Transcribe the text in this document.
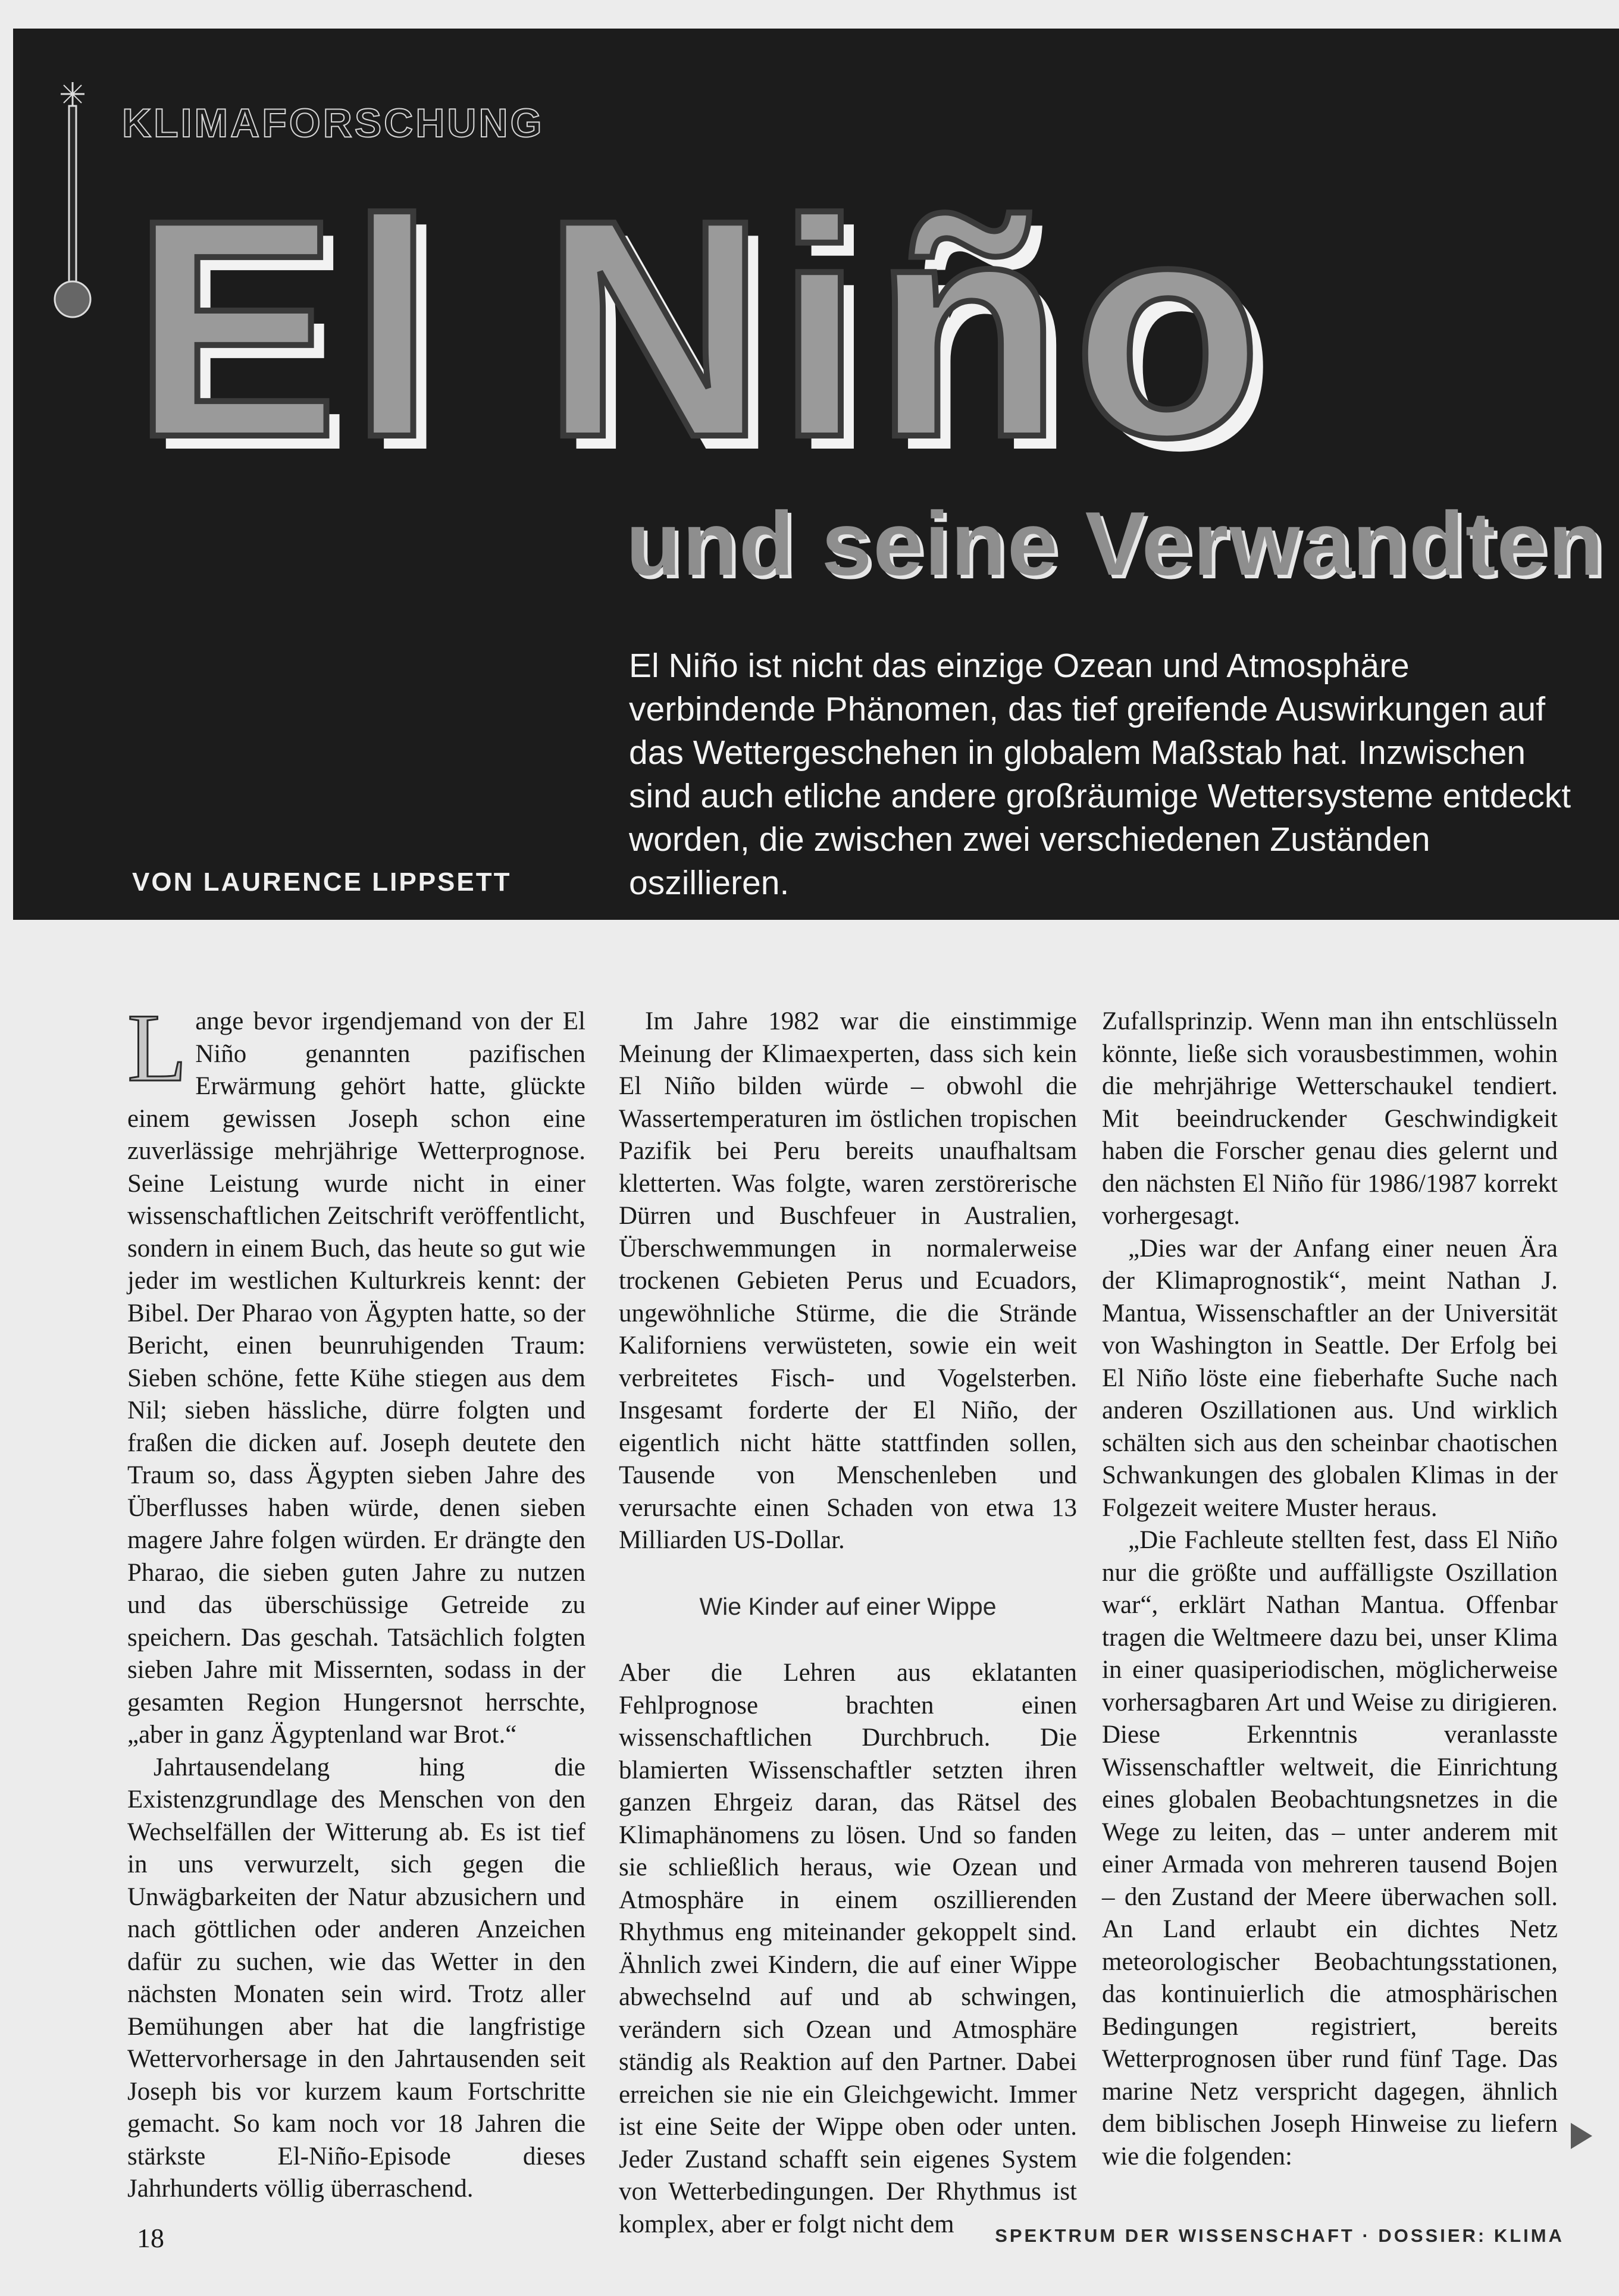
KLIMAFORSCHUNG
El Niño
und seine Verwandten
El Niño ist nicht das einzige Ozean und Atmosphäre verbindende Phänomen, das tief greifende Auswirkungen auf das Wettergeschehen in globalem Maßstab hat. Inzwischen sind auch etliche andere großräumige Wettersysteme entdeckt worden, die zwischen zwei verschiedenen Zuständen oszillieren.
VON LAURENCE LIPPSETT

Lange bevor irgendjemand von der El Niño genannten pazifischen Erwärmung gehört hatte, glückte einem gewissen Joseph schon eine zuverlässige mehrjährige Wetterprognose. Seine Leistung wurde nicht in einer wissenschaftlichen Zeitschrift veröffentlicht, sondern in einem Buch, das heute so gut wie jeder im westlichen Kulturkreis kennt: der Bibel. Der Pharao von Ägypten hatte, so der Bericht, einen beunruhigenden Traum: Sieben schöne, fette Kühe stiegen aus dem Nil; sieben hässliche, dürre folgten und fraßen die dicken auf. Joseph deutete den Traum so, dass Ägypten sieben Jahre des Überflusses haben würde, denen sieben magere Jahre folgen würden. Er drängte den Pharao, die sieben guten Jahre zu nutzen und das überschüssige Getreide zu speichern. Das geschah. Tatsächlich folgten sieben Jahre mit Missernten, sodass in der gesamten Region Hungersnot herrschte, „aber in ganz Ägyptenland war Brot.“

Jahrtausendelang hing die Existenzgrundlage des Menschen von den Wechselfällen der Witterung ab. Es ist tief in uns verwurzelt, sich gegen die Unwägbarkeiten der Natur abzusichern und nach göttlichen oder anderen Anzeichen dafür zu suchen, wie das Wetter in den nächsten Monaten sein wird. Trotz aller Bemühungen aber hat die langfristige Wettervorhersage in den Jahrtausenden seit Joseph bis vor kurzem kaum Fortschritte gemacht. So kam noch vor 18 Jahren die stärkste El-Niño-Episode dieses Jahrhunderts völlig überraschend.

Im Jahre 1982 war die einstimmige Meinung der Klimaexperten, dass sich kein El Niño bilden würde – obwohl die Wassertemperaturen im östlichen tropischen Pazifik bei Peru bereits unaufhaltsam kletterten. Was folgte, waren zerstörerische Dürren und Buschfeuer in Australien, Überschwemmungen in normalerweise trockenen Gebieten Perus und Ecuadors, ungewöhnliche Stürme, die die Strände Kaliforniens verwüsteten, sowie ein weit verbreitetes Fisch- und Vogelsterben. Insgesamt forderte der El Niño, der eigentlich nicht hätte stattfinden sollen, Tausende von Menschenleben und verursachte einen Schaden von etwa 13 Milliarden US-Dollar.

Wie Kinder auf einer Wippe

Aber die Lehren aus eklatanten Fehlprognose brachten einen wissenschaftlichen Durchbruch. Die blamierten Wissenschaftler setzten ihren ganzen Ehrgeiz daran, das Rätsel des Klimaphänomens zu lösen. Und so fanden sie schließlich heraus, wie Ozean und Atmosphäre in einem oszillierenden Rhythmus eng miteinander gekoppelt sind. Ähnlich zwei Kindern, die auf einer Wippe abwechselnd auf und ab schwingen, verändern sich Ozean und Atmosphäre ständig als Reaktion auf den Partner. Dabei erreichen sie nie ein Gleichgewicht. Immer ist eine Seite der Wippe oben oder unten. Jeder Zustand schafft sein eigenes System von Wetterbedingungen. Der Rhythmus ist komplex, aber er folgt nicht dem

Zufallsprinzip. Wenn man ihn entschlüsseln könnte, ließe sich vorausbestimmen, wohin die mehrjährige Wetterschaukel tendiert. Mit beeindruckender Geschwindigkeit haben die Forscher genau dies gelernt und den nächsten El Niño für 1986/1987 korrekt vorhergesagt.

„Dies war der Anfang einer neuen Ära der Klimaprognostik“, meint Nathan J. Mantua, Wissenschaftler an der Universität von Washington in Seattle. Der Erfolg bei El Niño löste eine fieberhafte Suche nach anderen Oszillationen aus. Und wirklich schälten sich aus den scheinbar chaotischen Schwankungen des globalen Klimas in der Folgezeit weitere Muster heraus.

„Die Fachleute stellten fest, dass El Niño nur die größte und auffälligste Oszillation war“, erklärt Nathan Mantua. Offenbar tragen die Weltmeere dazu bei, unser Klima in einer quasiperiodischen, möglicherweise vorhersagbaren Art und Weise zu dirigieren. Diese Erkenntnis veranlasste Wissenschaftler weltweit, die Einrichtung eines globalen Beobachtungsnetzes in die Wege zu leiten, das – unter anderem mit einer Armada von mehreren tausend Bojen – den Zustand der Meere überwachen soll. An Land erlaubt ein dichtes Netz meteorologischer Beobachtungsstationen, das kontinuierlich die atmosphärischen Bedingungen registriert, bereits Wetterprognosen über rund fünf Tage. Das marine Netz verspricht dagegen, ähnlich dem biblischen Joseph Hinweise zu liefern wie die folgenden:

18	SPEKTRUM DER WISSENSCHAFT · DOSSIER: KLIMA
